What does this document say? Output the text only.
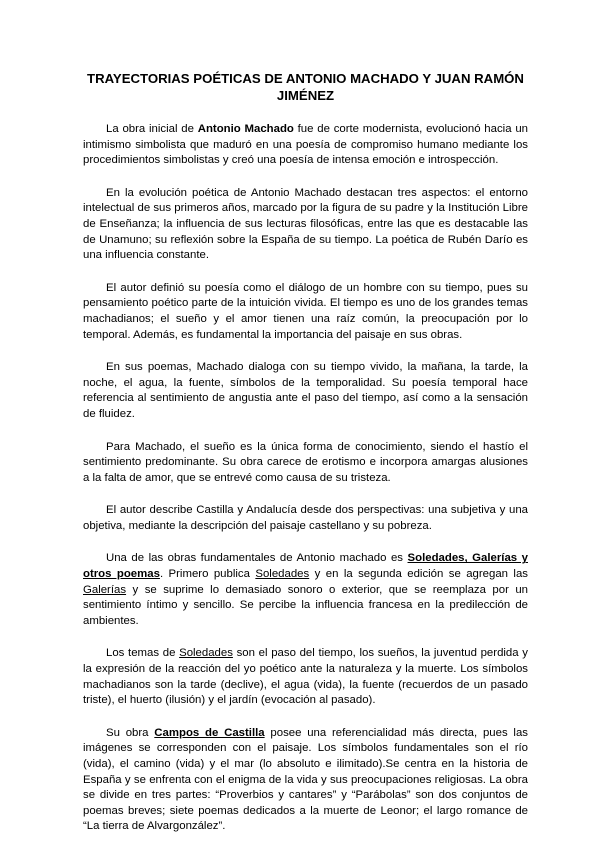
TRAYECTORIAS POÉTICAS DE ANTONIO MACHADO Y JUAN RAMÓN JIMÉNEZ

La obra inicial de Antonio Machado fue de corte modernista, evolucionó hacia un intimismo simbolista que maduró en una poesía de compromiso humano mediante los procedimientos simbolistas y creó una poesía de intensa emoción e introspección.

En la evolución poética de Antonio Machado destacan tres aspectos: el entorno intelectual de sus primeros años, marcado por la figura de su padre y la Institución Libre de Enseñanza; la influencia de sus lecturas filosóficas, entre las que es destacable las de Unamuno; su reflexión sobre la España de su tiempo. La poética de Rubén Darío es una influencia constante.

El autor definió su poesía como el diálogo de un hombre con su tiempo, pues su pensamiento poético parte de la intuición vivida. El tiempo es uno de los grandes temas machadianos; el sueño y el amor tienen una raíz común, la preocupación por lo temporal. Además, es fundamental la importancia del paisaje en sus obras.

En sus poemas, Machado dialoga con su tiempo vivido, la mañana, la tarde, la noche, el agua, la fuente, símbolos de la temporalidad. Su poesía temporal hace referencia al sentimiento de angustia ante el paso del tiempo, así como a la sensación de fluidez.

Para Machado, el sueño es la única forma de conocimiento, siendo el hastío el sentimiento predominante. Su obra carece de erotismo e incorpora amargas alusiones a la falta de amor, que se entrevé como causa de su tristeza.

El autor describe Castilla y Andalucía desde dos perspectivas: una subjetiva y una objetiva, mediante la descripción del paisaje castellano y su pobreza.

Una de las obras fundamentales de Antonio machado es Soledades, Galerías y otros poemas. Primero publica Soledades y en la segunda edición se agregan las Galerías y se suprime lo demasiado sonoro o exterior, que se reemplaza por un sentimiento íntimo y sencillo. Se percibe la influencia francesa en la predilección de ambientes.

Los temas de Soledades son el paso del tiempo, los sueños, la juventud perdida y la expresión de la reacción del yo poético ante la naturaleza y la muerte. Los símbolos machadianos son la tarde (declive), el agua (vida), la fuente (recuerdos de un pasado triste), el huerto (ilusión) y el jardín (evocación al pasado).

Su obra Campos de Castilla posee una referencialidad más directa, pues las imágenes se corresponden con el paisaje. Los símbolos fundamentales son el río (vida), el camino (vida) y el mar (lo absoluto e ilimitado).Se centra en la historia de España y se enfrenta con el enigma de la vida y sus preocupaciones religiosas. La obra se divide en tres partes: “Proverbios y cantares” y “Parábolas” son dos conjuntos de poemas breves; siete poemas dedicados a la muerte de Leonor; el largo romance de “La tierra de Alvargonzález”.
